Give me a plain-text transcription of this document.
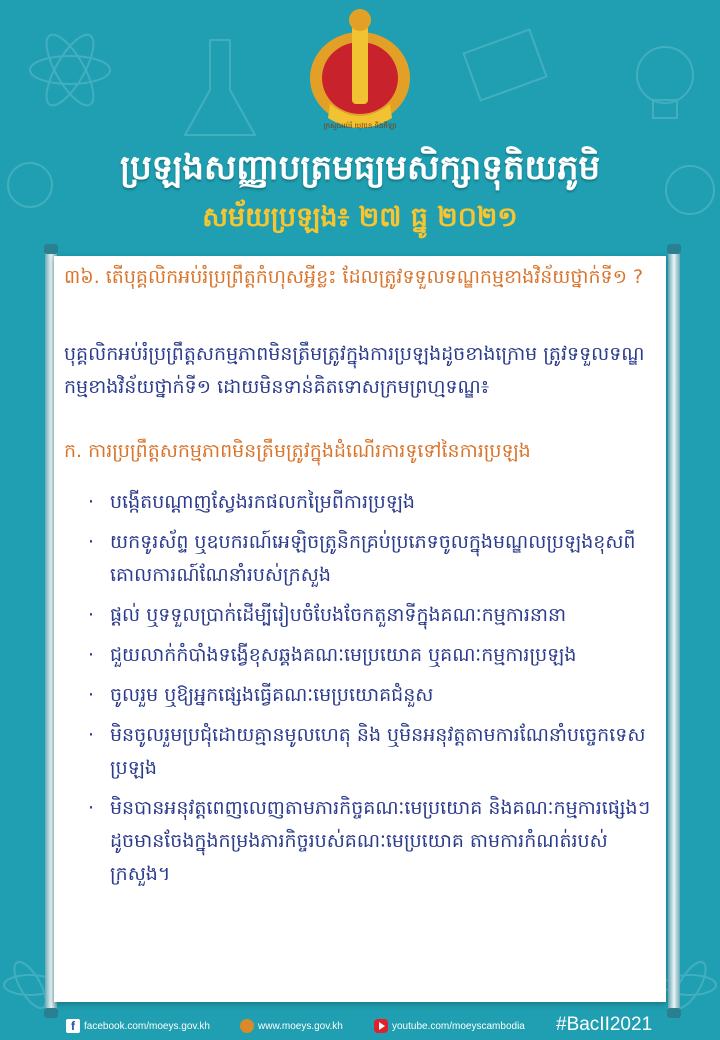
ក្រសួងអប់រំ យុវជន និងកីឡា
ប្រឡងសញ្ញាបត្រមធ្យមសិក្សាទុតិយភូមិ
សម័យប្រឡង៖ ២៧ ធ្នូ ២០២១
៣៦. តើបុគ្គលិកអប់រំប្រព្រឹត្តកំហុសអ្វីខ្លះ ដែលត្រូវទទួលទណ្ឌកម្មខាងវិន័យថ្នាក់ទី១ ?
បុគ្គលិកអប់រំប្រព្រឹត្តសកម្មភាពមិនត្រឹមត្រូវក្នុងការប្រឡងដូចខាងក្រោម ត្រូវទទួលទណ្ឌកម្មខាងវិន័យថ្នាក់ទី១ ដោយមិនទាន់គិតទោសក្រមព្រហ្មទណ្ឌ៖
ក. ការប្រព្រឹត្តសកម្មភាពមិនត្រឹមត្រូវក្នុងដំណើរការទូទៅនៃការប្រឡង
· បង្កើតបណ្ដាញស្វែងរកផលកម្រៃពីការប្រឡង
· យកទូរស័ព្ទ ឬឧបករណ៍អេឡិចត្រូនិកគ្រប់ប្រភេទចូលក្នុងមណ្ឌលប្រឡងខុសពីគោលការណ៍ណែនាំរបស់ក្រសួង
· ផ្ដល់ ឬទទួលប្រាក់ដើម្បីរៀបចំបែងចែកតួនាទីក្នុងគណៈកម្មការនានា
· ជួយលាក់កំបាំងទង្វើខុសឆ្គងគណៈមេប្រយោគ ឬគណៈកម្មការប្រឡង
· ចូលរួម ឬឱ្យអ្នកផ្សេងធ្វើគណៈមេប្រយោគជំនួស
· មិនចូលរួមប្រជុំដោយគ្មានមូលហេតុ និង ឬមិនអនុវត្តតាមការណែនាំបច្ចេកទេសប្រឡង
· មិនបានអនុវត្តពេញលេញតាមភារកិច្ចគណៈមេប្រយោគ និងគណៈកម្មការផ្សេងៗ ដូចមានចែងក្នុងកម្រងភារកិច្ចរបស់គណៈមេប្រយោគ តាមការកំណត់របស់ក្រសួង។
f facebook.com/moeys.gov.kh	www.moeys.gov.kh	youtube.com/moeyscambodia #BacII2021
